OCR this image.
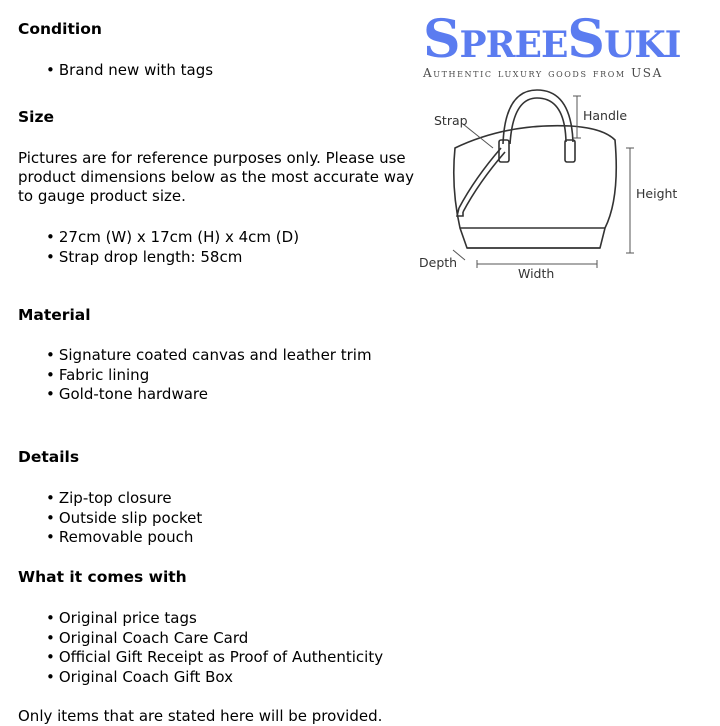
Condition
• Brand new with tags
Size

Pictures are for reference purposes only. Please use product dimensions below as the most accurate way to gauge product size.

• 27cm (W) x 17cm (H) x 4cm (D)
• Strap drop length: 58cm
Material
• Signature coated canvas and leather trim
• Fabric lining
• Gold-tone hardware
Details
• Zip-top closure
• Outside slip pocket
• Removable pouch
What it comes with
• Original price tags
• Original Coach Care Card
• Official Gift Receipt as Proof of Authenticity
• Original Coach Gift Box

Only items that are stated here will be provided.

SpreeSuki
Authentic luxury goods from USA
Strap	Handle
Height
Depth
Width
